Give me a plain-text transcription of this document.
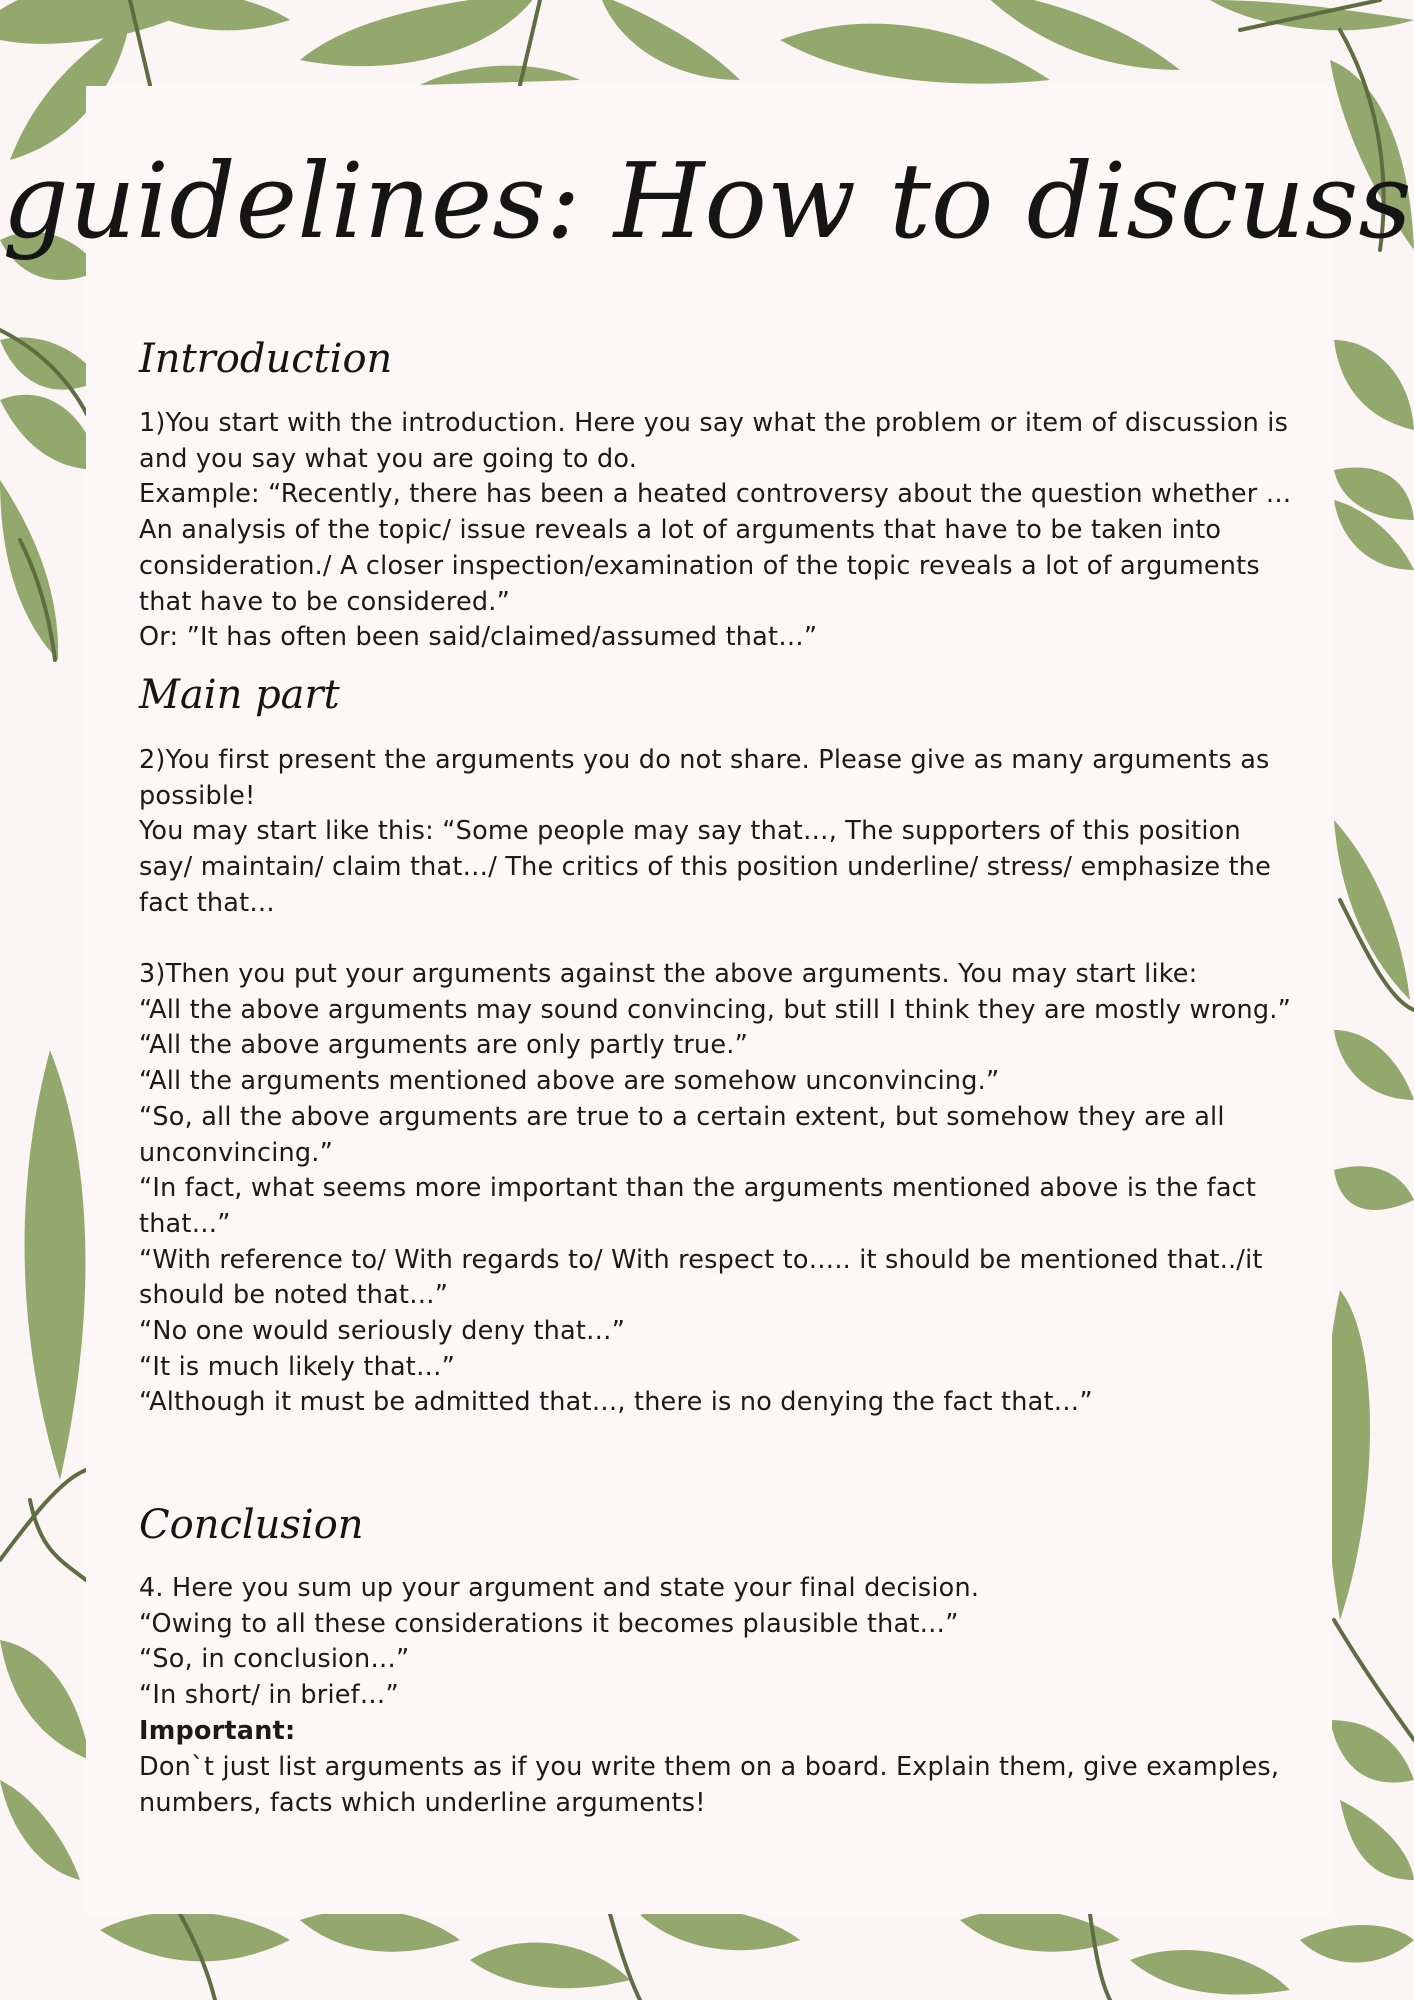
guidelines: How to discuss
Introduction

1)You start with the introduction. Here you say what the problem or item of discussion is and you say what you are going to do.
Example: “Recently, there has been a heated controversy about the question whether … An analysis of the topic/ issue reveals a lot of arguments that have to be taken into consideration./ A closer inspection/examination of the topic reveals a lot of arguments that have to be considered.”
Or: ”It has often been said/claimed/assumed that…”

Main part

2)You first present the arguments you do not share. Please give as many arguments as possible!
You may start like this: “Some people may say that…, The supporters of this position say/ maintain/ claim that…/ The critics of this position underline/ stress/ emphasize the fact that…

3)Then you put your arguments against the above arguments. You may start like:
“All the above arguments may sound convincing, but still I think they are mostly wrong.”
“All the above arguments are only partly true.”
“All the arguments mentioned above are somehow unconvincing.”
“So, all the above arguments are true to a certain extent, but somehow they are all unconvincing.”
“In fact, what seems more important than the arguments mentioned above is the fact that…”
“With reference to/ With regards to/ With respect to….. it should be mentioned that../it should be noted that…”
“No one would seriously deny that…”
“It is much likely that…”
“Although it must be admitted that…, there is no denying the fact that…”

Conclusion

4. Here you sum up your argument and state your final decision.
“Owing to all these considerations it becomes plausible that…”
“So, in conclusion…”
“In short/ in brief…”

Important:

Don`t just list arguments as if you write them on a board. Explain them, give examples, numbers, facts which underline arguments!
